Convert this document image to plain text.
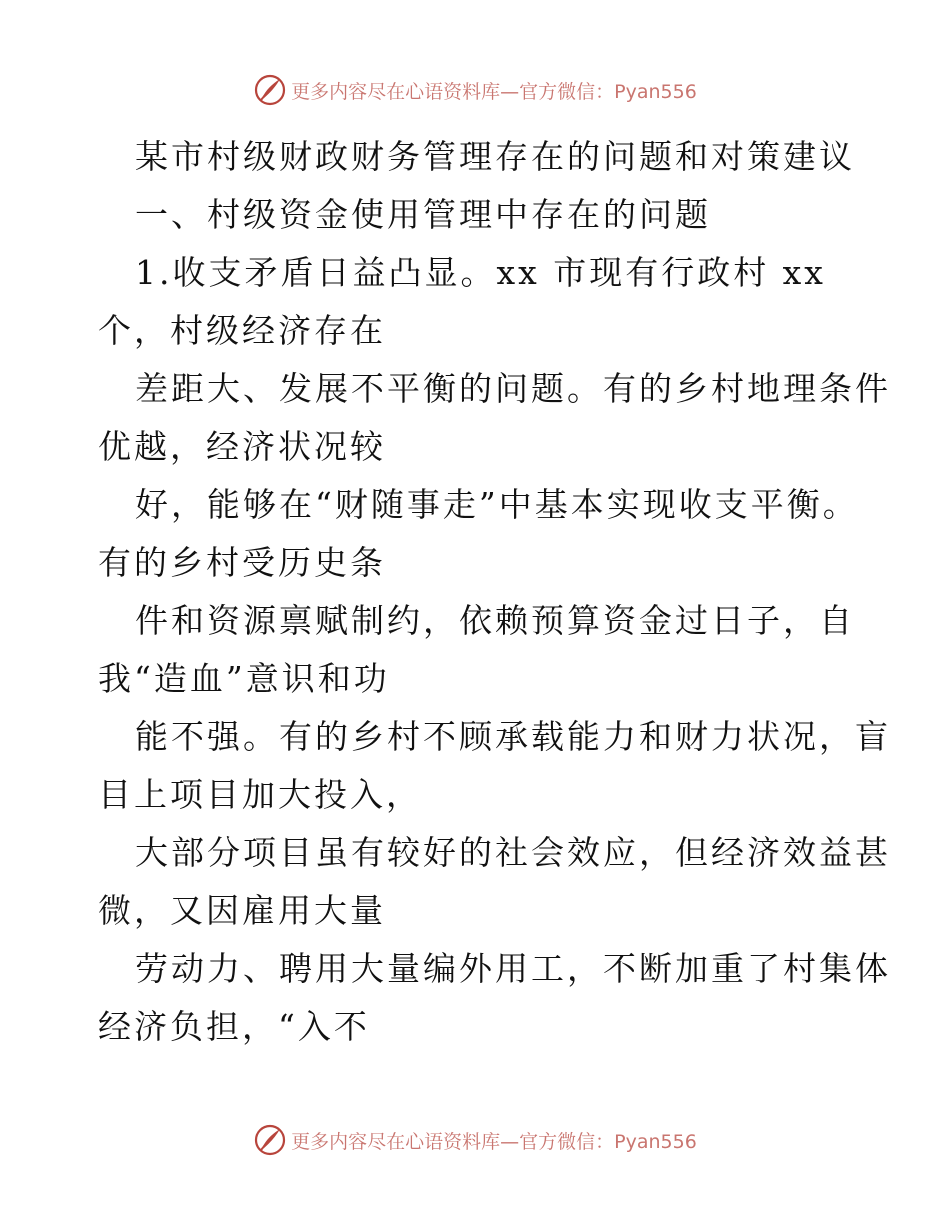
更多内容尽在心语资料库—官方微信：Pyan556
某市村级财政财务管理存在的问题和对策建议
一、村级资金使用管理中存在的问题
1.收支矛盾日益凸显。xx 市现有行政村 xx
个，村级经济存在
差距大、发展不平衡的问题。有的乡村地理条件
优越，经济状况较
好，能够在“财随事走”中基本实现收支平衡。
有的乡村受历史条
件和资源禀赋制约，依赖预算资金过日子，自
我“造血”意识和功
能不强。有的乡村不顾承载能力和财力状况，盲
目上项目加大投入，
大部分项目虽有较好的社会效应，但经济效益甚
微，又因雇用大量
劳动力、聘用大量编外用工，不断加重了村集体
经济负担，“入不
更多内容尽在心语资料库—官方微信：Pyan556
